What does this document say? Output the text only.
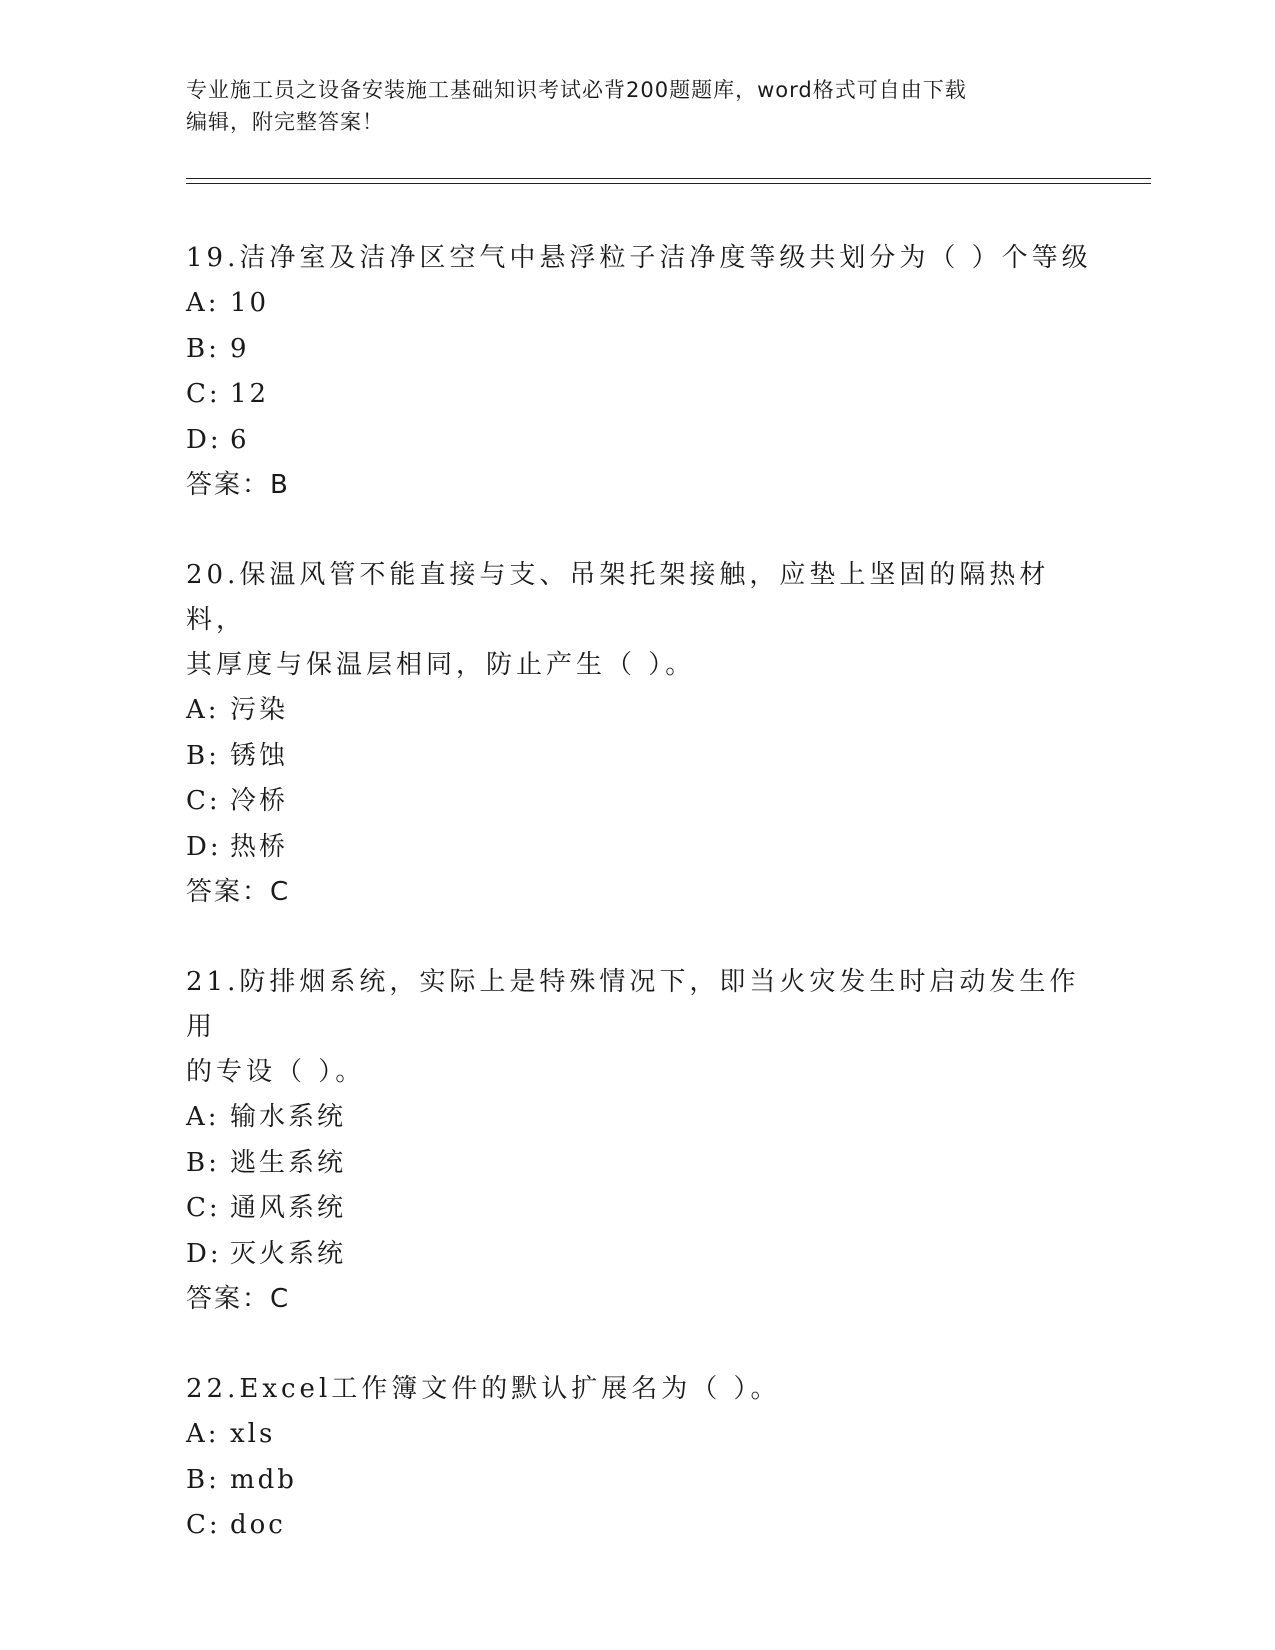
专业施工员之设备安装施工基础知识考试必背200题题库，word格式可自由下载
编辑，附完整答案！
19.洁净室及洁净区空气中悬浮粒子洁净度等级共划分为（ ）个等级
A: 10
B: 9
C: 12
D: 6
答案：B
20.保温风管不能直接与支、吊架托架接触，应垫上坚固的隔热材料，
其厚度与保温层相同，防止产生（ ）。
A: 污染
B: 锈蚀
C: 冷桥
D: 热桥
答案：C
21.防排烟系统，实际上是特殊情况下，即当火灾发生时启动发生作用
的专设（ ）。
A: 输水系统
B: 逃生系统
C: 通风系统
D: 灭火系统
答案：C
22.Excel工作簿文件的默认扩展名为（ ）。
A: xls
B: mdb
C: doc
